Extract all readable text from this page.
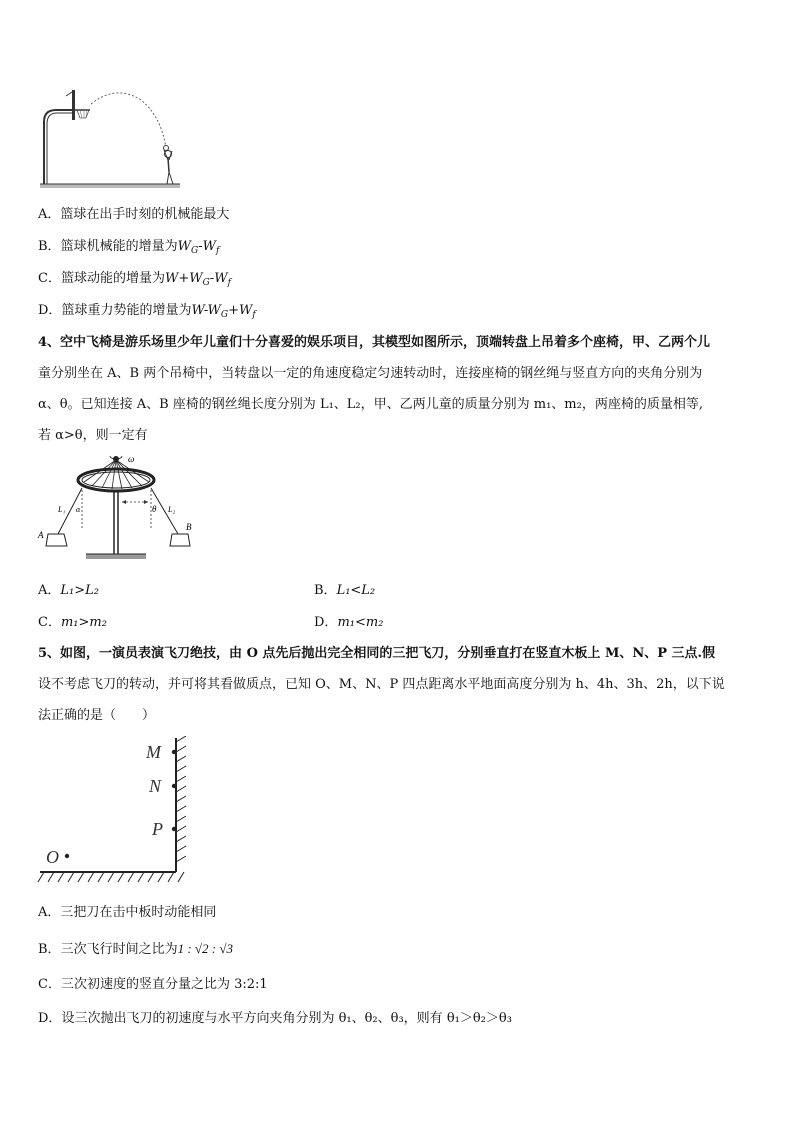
A．篮球在出手时刻的机械能最大
B．篮球机械能的增量为$W_G-W_f$
C．篮球动能的增量为$W+W_G-W_f$
D．篮球重力势能的增量为$W-W_G+W_f$
4、空中飞椅是游乐场里少年儿童们十分喜爱的娱乐项目，其模型如图所示，顶端转盘上吊着多个座椅，甲、乙两个儿
童分别坐在 A、B 两个吊椅中，当转盘以一定的角速度稳定匀速转动时，连接座椅的钢丝绳与竖直方向的夹角分别为
α、θ。已知连接 A、B 座椅的钢丝绳长度分别为 L₁、L₂，甲、乙两儿童的质量分别为 m₁、m₂，两座椅的质量相等,
若 α>θ，则一定有
ω
L₁ α	θ L₂
A
B
A．L₁>L₂	B．L₁<L₂
C．m₁>m₂	D．m₁<m₂
5、如图，一演员表演飞刀绝技，由 O 点先后抛出完全相同的三把飞刀，分别垂直打在竖直木板上 M、N、P 三点.假
设不考虑飞刀的转动，并可将其看做质点，已知 O、M、N、P 四点距离水平地面高度分别为 h、4h、3h、2h，以下说
法正确的是（　　）
M
N
P
O
A．三把刀在击中板时动能相同
B．三次飞行时间之比为1 : √2 : √3
C．三次初速度的竖直分量之比为 3:2:1
D．设三次抛出飞刀的初速度与水平方向夹角分别为 θ₁、θ₂、θ₃，则有 θ₁＞θ₂＞θ₃
